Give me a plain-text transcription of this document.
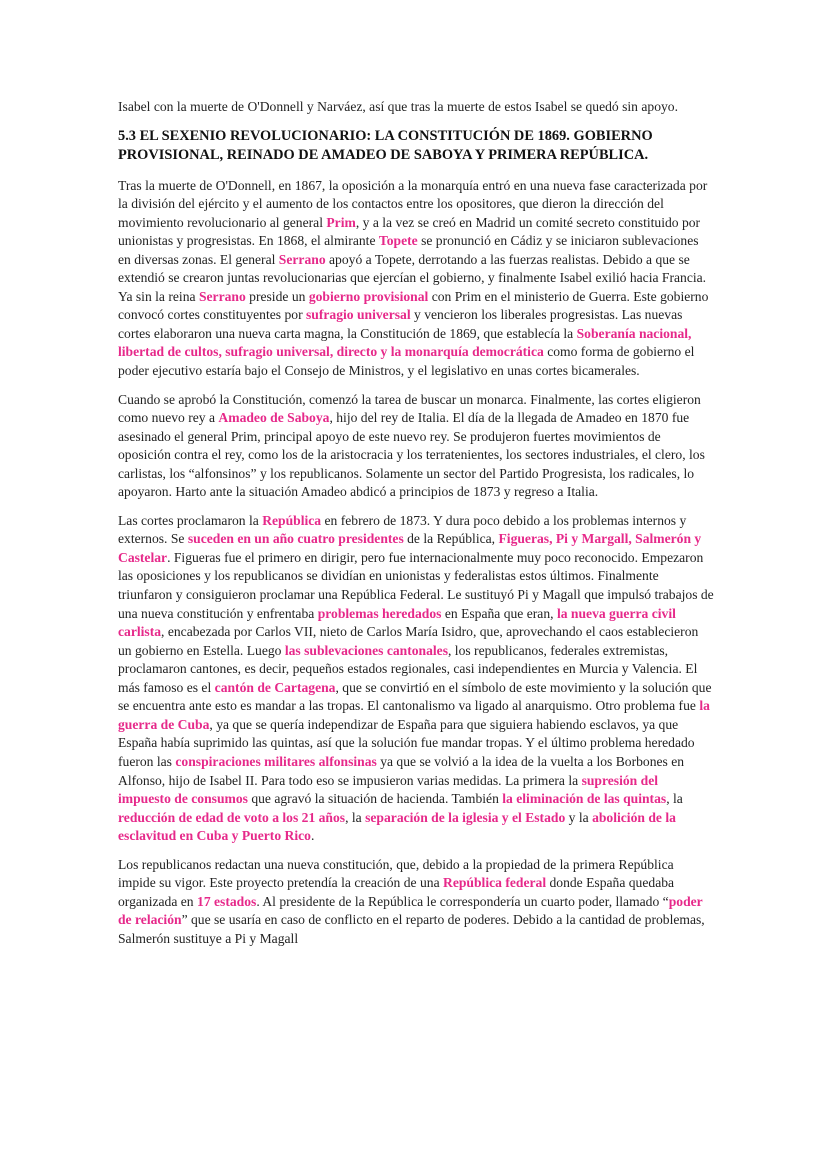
Isabel con la muerte de O'Donnell y Narváez, así que tras la muerte de estos Isabel se quedó sin apoyo.

5.3 EL SEXENIO REVOLUCIONARIO: LA CONSTITUCIÓN DE 1869. GOBIERNO PROVISIONAL, REINADO DE AMADEO DE SABOYA Y PRIMERA REPÚBLICA.

Tras la muerte de O'Donnell, en 1867, la oposición a la monarquía entró en una nueva fase caracterizada por la división del ejército y el aumento de los contactos entre los opositores, que dieron la dirección del movimiento revolucionario al general Prim, y a la vez se creó en Madrid un comité secreto constituido por unionistas y progresistas. En 1868, el almirante Topete se pronunció en Cádiz y se iniciaron sublevaciones en diversas zonas. El general Serrano apoyó a Topete, derrotando a las fuerzas realistas. Debido a que se extendió se crearon juntas revolucionarias que ejercían el gobierno, y finalmente Isabel exilió hacia Francia. Ya sin la reina Serrano preside un gobierno provisional con Prim en el ministerio de Guerra. Este gobierno convocó cortes constituyentes por sufragio universal y vencieron los liberales progresistas. Las nuevas cortes elaboraron una nueva carta magna, la Constitución de 1869, que establecía la Soberanía nacional, libertad de cultos, sufragio universal, directo y la monarquía democrática como forma de gobierno el poder ejecutivo estaría bajo el Consejo de Ministros, y el legislativo en unas cortes bicamerales.

Cuando se aprobó la Constitución, comenzó la tarea de buscar un monarca. Finalmente, las cortes eligieron como nuevo rey a Amadeo de Saboya, hijo del rey de Italia. El día de la llegada de Amadeo en 1870 fue asesinado el general Prim, principal apoyo de este nuevo rey. Se produjeron fuertes movimientos de oposición contra el rey, como los de la aristocracia y los terratenientes, los sectores industriales, el clero, los carlistas, los “alfonsinos” y los republicanos. Solamente un sector del Partido Progresista, los radicales, lo apoyaron. Harto ante la situación Amadeo abdicó a principios de 1873 y regreso a Italia.

Las cortes proclamaron la República en febrero de 1873. Y dura poco debido a los problemas internos y externos. Se suceden en un año cuatro presidentes de la República, Figueras, Pi y Margall, Salmerón y Castelar. Figueras fue el primero en dirigir, pero fue internacionalmente muy poco reconocido. Empezaron las oposiciones y los republicanos se dividían en unionistas y federalistas estos últimos. Finalmente triunfaron y consiguieron proclamar una República Federal. Le sustituyó Pi y Magall que impulsó trabajos de una nueva constitución y enfrentaba problemas heredados en España que eran, la nueva guerra civil carlista, encabezada por Carlos VII, nieto de Carlos María Isidro, que, aprovechando el caos establecieron un gobierno en Estella. Luego las sublevaciones cantonales, los republicanos, federales extremistas, proclamaron cantones, es decir, pequeños estados regionales, casi independientes en Murcia y Valencia. El más famoso es el cantón de Cartagena, que se convirtió en el símbolo de este movimiento y la solución que se encuentra ante esto es mandar a las tropas. El cantonalismo va ligado al anarquismo. Otro problema fue la guerra de Cuba, ya que se quería independizar de España para que siguiera habiendo esclavos, ya que España había suprimido las quintas, así que la solución fue mandar tropas. Y el último problema heredado fueron las conspiraciones militares alfonsinas ya que se volvió a la idea de la vuelta a los Borbones en Alfonso, hijo de Isabel II. Para todo eso se impusieron varias medidas. La primera la supresión del impuesto de consumos que agravó la situación de hacienda. También la eliminación de las quintas, la reducción de edad de voto a los 21 años, la separación de la iglesia y el Estado y la abolición de la esclavitud en Cuba y Puerto Rico.

Los republicanos redactan una nueva constitución, que, debido a la propiedad de la primera República impide su vigor. Este proyecto pretendía la creación de una República federal donde España quedaba organizada en 17 estados. Al presidente de la República le correspondería un cuarto poder, llamado “poder de relación” que se usaría en caso de conflicto en el reparto de poderes. Debido a la cantidad de problemas, Salmerón sustituye a Pi y Magall
